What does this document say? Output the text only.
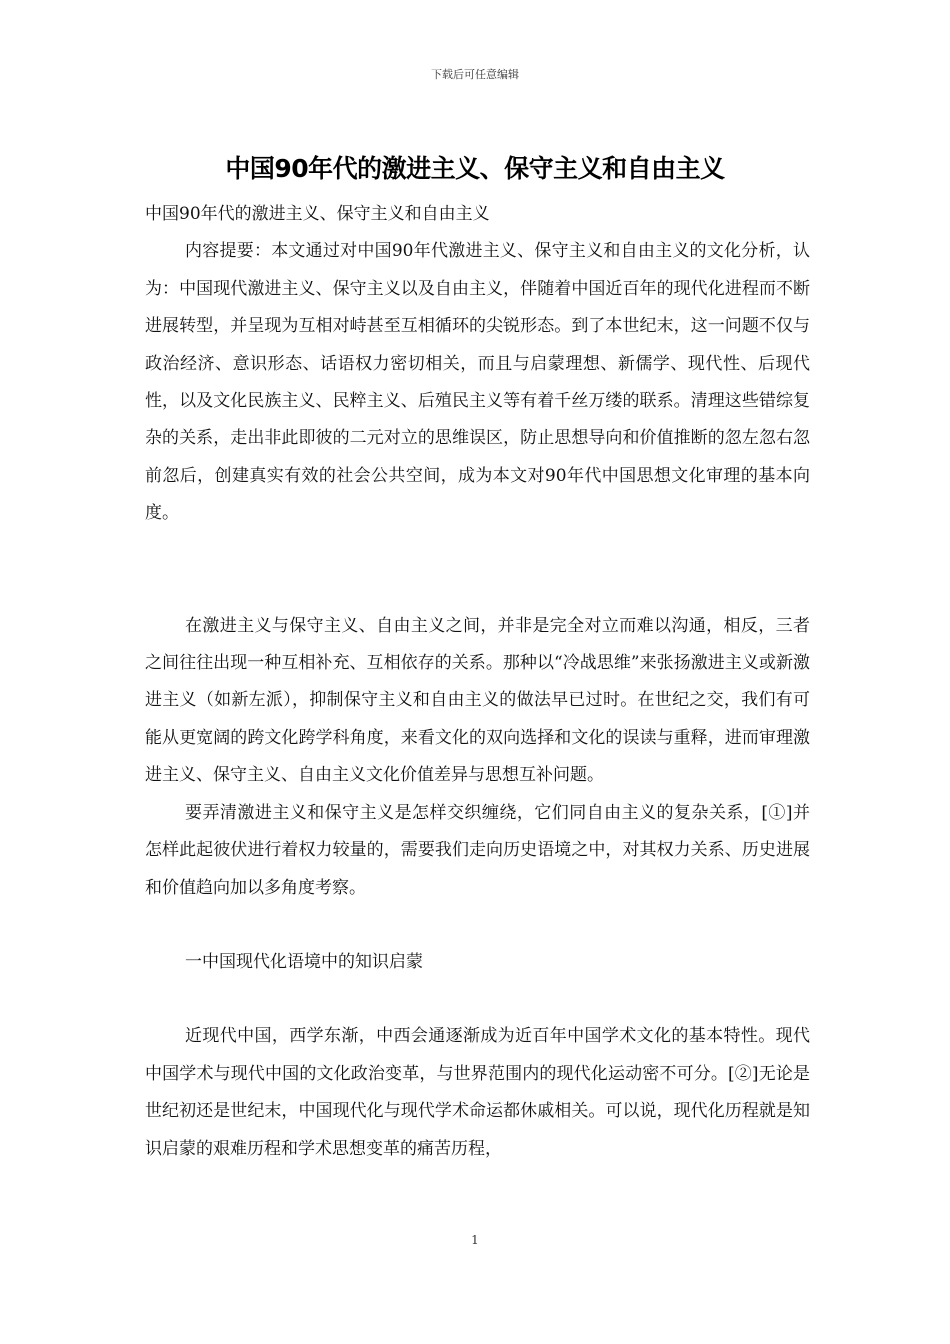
下载后可任意编辑
中国90年代的激进主义、保守主义和自由主义

中国90年代的激进主义、保守主义和自由主义

内容提要：本文通过对中国90年代激进主义、保守主义和自由主义的文化分析，认为：中国现代激进主义、保守主义以及自由主义，伴随着中国近百年的现代化进程而不断进展转型，并呈现为互相对峙甚至互相循环的尖锐形态。到了本世纪末，这一问题不仅与政治经济、意识形态、话语权力密切相关，而且与启蒙理想、新儒学、现代性、后现代性，以及文化民族主义、民粹主义、后殖民主义等有着千丝万缕的联系。清理这些错综复杂的关系，走出非此即彼的二元对立的思维误区，防止思想导向和价值推断的忽左忽右忽前忽后，创建真实有效的社会公共空间，成为本文对90年代中国思想文化审理的基本向度。

在激进主义与保守主义、自由主义之间，并非是完全对立而难以沟通，相反，三者之间往往出现一种互相补充、互相依存的关系。那种以“冷战思维”来张扬激进主义或新激进主义（如新左派），抑制保守主义和自由主义的做法早已过时。在世纪之交，我们有可能从更宽阔的跨文化跨学科角度，来看文化的双向选择和文化的误读与重释，进而审理激进主义、保守主义、自由主义文化价值差异与思想互补问题。

要弄清激进主义和保守主义是怎样交织缠绕，它们同自由主义的复杂关系，[①]并怎样此起彼伏进行着权力较量的，需要我们走向历史语境之中，对其权力关系、历史进展和价值趋向加以多角度考察。

一中国现代化语境中的知识启蒙

近现代中国，西学东渐，中西会通逐渐成为近百年中国学术文化的基本特性。现代中国学术与现代中国的文化政治变革，与世界范围内的现代化运动密不可分。[②]无论是世纪初还是世纪末，中国现代化与现代学术命运都休戚相关。可以说，现代化历程就是知识启蒙的艰难历程和学术思想变革的痛苦历程，

1
